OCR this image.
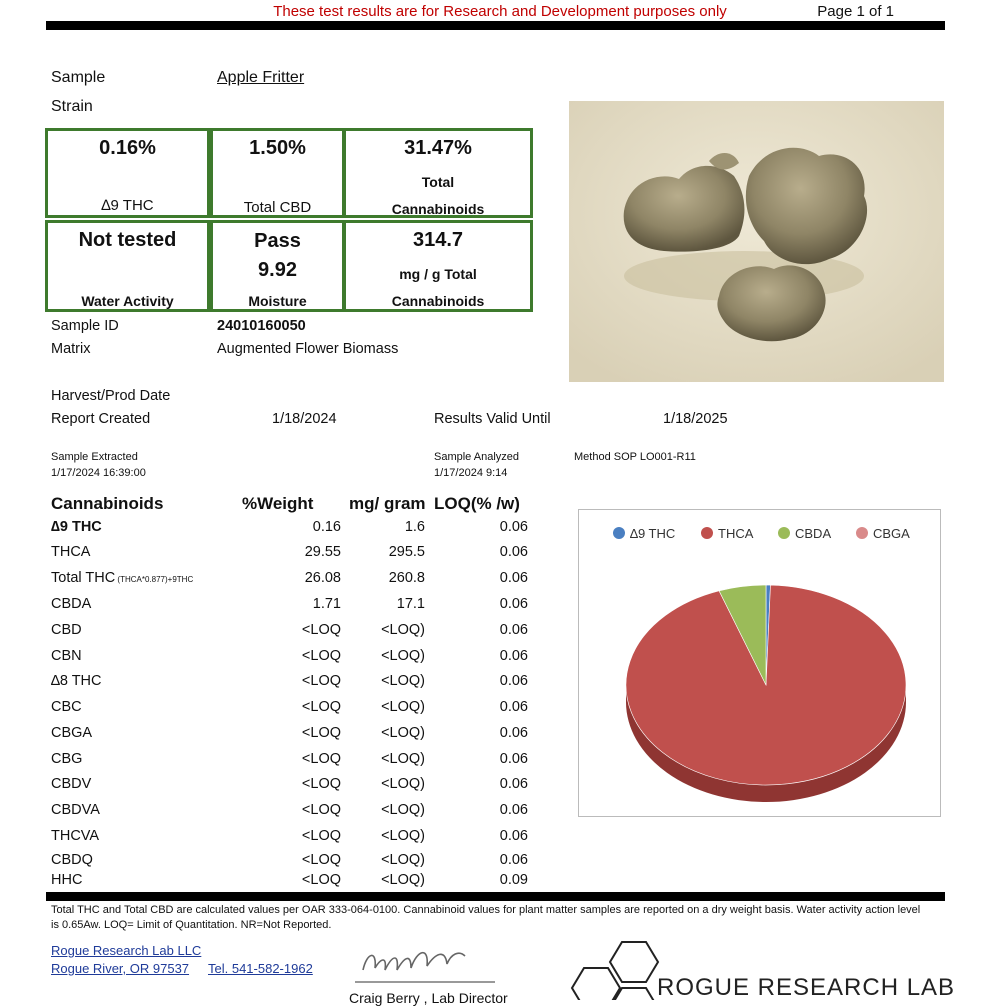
These test results are for Research and Development purposes only	Page 1 of 1
Sample	Apple Fritter
Strain
0.16%
∆9 THC
1.50%
Total CBD
31.47%
Total
Cannabinoids
Not tested
Water Activity
Pass
9.92
Moisture
314.7
mg / g Total
Cannabinoids
Sample ID	24010160050
Matrix	Augmented Flower Biomass
Harvest/Prod Date
Report Created	1/18/2024	Results Valid Until	1/18/2025
Sample Extracted
1/17/2024 16:39:00
Sample Analyzed
1/17/2024 9:14
Method SOP LO001-R11
Cannabinoids	%Weight mg/ gram LOQ(% /w)
∆9 THC	0.16	1.6	0.06
THCA	29.55	295.5	0.06
Total THC (THCA*0.877)+9THC	26.08	260.8	0.06
CBDA	1.71	17.1	0.06
CBD	<LOQ	<LOQ)	0.06
CBN	<LOQ	<LOQ)	0.06
∆8 THC	<LOQ	<LOQ)	0.06
CBC	<LOQ	<LOQ)	0.06
CBGA	<LOQ	<LOQ)	0.06
CBG	<LOQ	<LOQ)	0.06
CBDV	<LOQ	<LOQ)	0.06
CBDVA	<LOQ	<LOQ)	0.06
THCVA	<LOQ	<LOQ)	0.06
CBDQ	<LOQ	<LOQ)	0.06
HHC	<LOQ	<LOQ)	0.09
∆9 THC	THCA	CBDA	CBGA
Total THC and Total CBD are calculated values per OAR 333-064-0100. Cannabinoid values for plant matter samples are reported on a dry weight basis. Water activity action level is 0.65Aw. LOQ= Limit of Quantitation. NR=Not Reported.
Rogue Research Lab LLC
Rogue River, OR 97537 Tel. 541-582-1962
Craig Berry , Lab Director	ROGUE RESEARCH LAB
